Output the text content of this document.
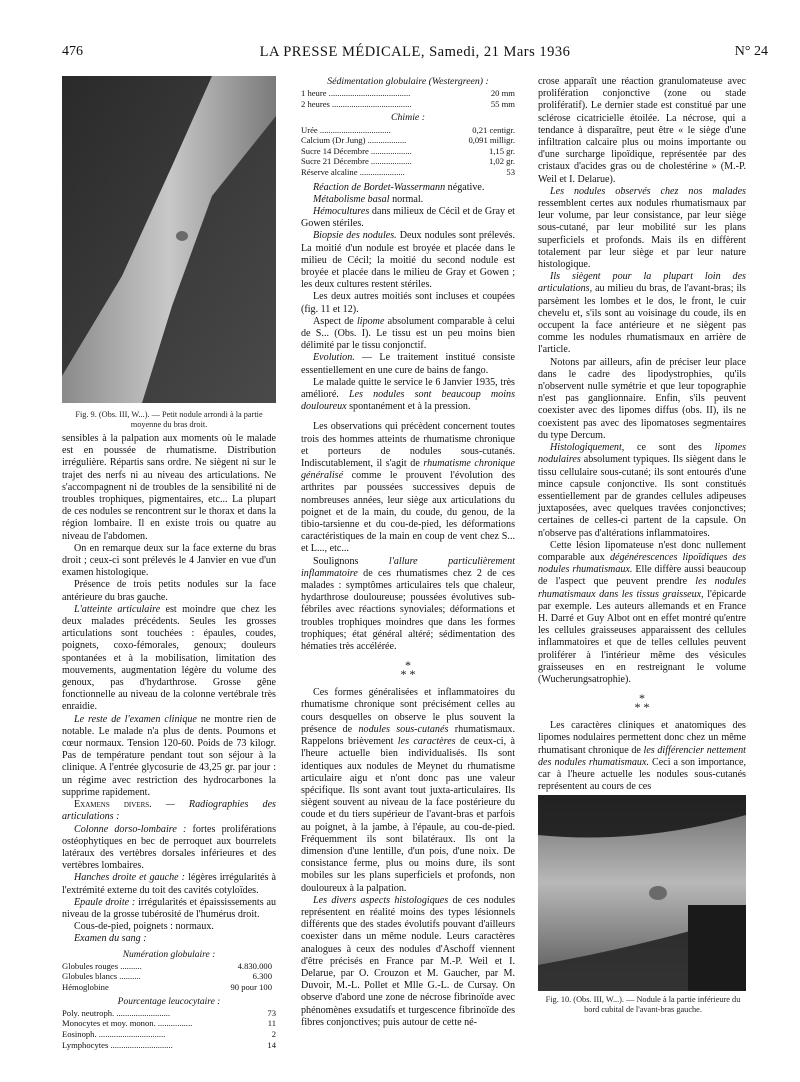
476	LA PRESSE MÉDICALE, Samedi, 21 Mars 1936	N° 24
Fig. 9. (Obs. III, W...). — Petit nodule arrondi à la partie moyenne du bras droit.

sensibles à la palpation aux moments où le malade est en poussée de rhumatisme. Distribution irrégulière. Répartis sans ordre. Ne siègent ni sur le trajet des nerfs ni au niveau des articulations. Ne s'accompagnent ni de troubles de la sensibilité ni de troubles trophiques, pigmentaires, etc... La plupart de ces nodules se rencontrent sur le thorax et dans la région lombaire. Il en existe trois ou quatre au niveau de l'abdomen.

On en remarque deux sur la face externe du bras droit ; ceux-ci sont prélevés le 4 Janvier en vue d'un examen histologique.

Présence de trois petits nodules sur la face antérieure du bras gauche.

L'atteinte articulaire est moindre que chez les deux malades précédents. Seules les grosses articulations sont touchées : épaules, coudes, poignets, coxo-fémorales, genoux; douleurs spontanées et à la mobilisation, limitation des mouvements, augmentation légère du volume des genoux, pas d'hydarthrose. Grosse gêne fonctionnelle au niveau de la colonne vertébrale très enraidie.

Le reste de l'examen clinique ne montre rien de notable. Le malade n'a plus de dents. Poumons et cœur normaux. Tension 120-60. Poids de 73 kilogr. Pas de température pendant tout son séjour à la clinique. A l'entrée glycosurie de 43,25 gr. par jour : un régime avec restriction des hydrocarbones la supprime rapidement.

Examens divers. — Radiographies des articulations :

Colonne dorso-lombaire : fortes proliférations ostéophytiques en bec de perroquet aux bourrelets latéraux des vertèbres dorsales inférieures et des vertèbres lombaires.

Hanches droite et gauche : légères irrégularités à l'extrémité externe du toit des cavités cotyloïdes.

Epaule droite : irrégularités et épaississements au niveau de la grosse tubérosité de l'humérus droit.

Cous-de-pied, poignets : normaux.

Examen du sang :

Numération globulaire :

Globules rouges ..........	4.830.000
Globules blancs ..........	6.300
Hémoglobine	90 pour 100

Pourcentage leucocytaire :

Poly. neutroph. .........................	73
Monocytes et moy. monon. ................	11
Eosinoph. ...............................	2
Lymphocytes .............................	14

Sédimentation globulaire (Westergreen) :

1 heure ......................................	20 mm
2 heures .....................................	55 mm

Chimie :

Urée .................................	0,21 centigr.
Calcium (Dr Jung) ..................	0,091 milligr.
Sucre 14 Décembre ...................	1,15 gr.
Sucre 21 Décembre ...................	1,02 gr.
Réserve alcaline .....................	53

Réaction de Bordet-Wassermann négative.

Métabolisme basal normal.

Hémocultures dans milieux de Cécil et de Gray et Gowen stériles.

Biopsie des nodules. Deux nodules sont prélevés. La moitié d'un nodule est broyée et placée dans le milieu de Cécil; la moitié du second nodule est broyée et placée dans le milieu de Gray et Gowen ; les deux cultures restent stériles.

Les deux autres moitiés sont incluses et coupées (fig. 11 et 12).

Aspect de lipome absolument comparable à celui de S... (Obs. I). Le tissu est un peu moins bien délimité par le tissu conjonctif.

Evolution. — Le traitement institué consiste essentiellement en une cure de bains de fango.

Le malade quitte le service le 6 Janvier 1935, très amélioré. Les nodules sont beaucoup moins douloureux spontanément et à la pression.

Les observations qui précèdent concernent toutes trois des hommes atteints de rhumatisme chronique et porteurs de nodules sous-cutanés. Indiscutablement, il s'agit de rhumatisme chronique généralisé comme le prouvent l'évolution des arthrites par poussées successives depuis de nombreuses années, leur siège aux articulations du poignet et de la main, du coude, du genou, de la tibio-tarsienne et du cou-de-pied, les déformations caractéristiques de la main en coup de vent chez S... et L..., etc...

Soulignons l'allure particulièrement inflammatoire de ces rhumatismes chez 2 de ces malades : symptômes articulaires tels que chaleur, hydarthrose douloureuse; poussées évolutives sub-fébriles avec réactions synoviales; déformations et troubles trophiques moindres que dans les formes trophiques; état général altéré; sédimentation des hématies très accélérée.

*
* *

Ces formes généralisées et inflammatoires du rhumatisme chronique sont précisément celles au cours desquelles on observe le plus souvent la présence de nodules sous-cutanés rhumatismaux. Rappelons brièvement les caractères de ceux-ci, à l'heure actuelle bien individualisés. Ils sont identiques aux nodules de Meynet du rhumatisme articulaire aigu et n'ont donc pas une valeur spécifique. Ils sont avant tout juxta-articulaires. Ils siègent souvent au niveau de la face postérieure du coude et du tiers supérieur de l'avant-bras et parfois au poignet, à la jambe, à l'épaule, au cou-de-pied. Fréquemment ils sont bilatéraux. Ils ont la dimension d'une lentille, d'un pois, d'une noix. De consistance ferme, plus ou moins dure, ils sont mobiles sur les plans superficiels et profonds, non douloureux à la palpation.

Les divers aspects histologiques de ces nodules représentent en réalité moins des types lésionnels différents que des stades évolutifs pouvant d'ailleurs coexister dans un même nodule. Leurs caractères analogues à ceux des nodules d'Aschoff viennent d'être précisés en France par M.-P. Weil et I. Delarue, par O. Crouzon et M. Gaucher, par M. Duvoir, M.-L. Pollet et Mlle G.-L. de Cursay. On observe d'abord une zone de nécrose fibrinoïde avec phénomènes exsudatifs et turgescence fibrinoïde des fibres conjonctives; puis autour de cette né-

crose apparaît une réaction granulomateuse avec prolifération conjonctive (zone ou stade prolifératif). Le dernier stade est constitué par une sclérose cicatricielle étoilée. La nécrose, qui a tendance à disparaître, peut être « le siège d'une infiltration calcaire plus ou moins importante ou d'une surcharge lipoïdique, représentée par des cristaux d'acides gras ou de cholestérine » (M.-P. Weil et I. Delarue).

Les nodules observés chez nos malades ressemblent certes aux nodules rhumatismaux par leur volume, par leur consistance, par leur siège sous-cutané, par leur mobilité sur les plans superficiels et profonds. Mais ils en diffèrent totalement par leur siège et par leur nature histologique.

Ils siègent pour la plupart loin des articulations, au milieu du bras, de l'avant-bras; ils parsèment les lombes et le dos, le front, le cuir chevelu et, s'ils sont au voisinage du coude, ils en occupent la face antérieure et ne siègent pas comme les nodules rhumatismaux en arrière de l'article.

Notons par ailleurs, afin de préciser leur place dans le cadre des lipodystrophies, qu'ils n'observent nulle symétrie et que leur topographie n'est pas ganglionnaire. Enfin, s'ils peuvent coexister avec des lipomes diffus (obs. II), ils ne coexistent pas avec des lipomatoses segmentaires du type Dercum.

Histologiquement, ce sont des lipomes nodulaires absolument typiques. Ils siègent dans le tissu cellulaire sous-cutané; ils sont entourés d'une mince capsule conjonctive. Ils sont constitués essentiellement par de grandes cellules adipeuses juxtaposées, avec quelques travées conjonctives; certaines de celles-ci partent de la capsule. On n'observe pas d'altérations inflammatoires.

Cette lésion lipomateuse n'est donc nullement comparable aux dégénérescences lipoïdiques des nodules rhumatismaux. Elle diffère aussi beaucoup de l'aspect que peuvent prendre les nodules rhumatismaux dans les tissus graisseux, l'épicarde par exemple. Les auteurs allemands et en France H. Darré et Guy Albot ont en effet montré qu'entre les cellules graisseuses apparaissent des cellules inflammatoires et que de telles cellules peuvent proliférer à l'intérieur même des vésicules graisseuses en en restreignant le volume (Wucherungsatrophie).

*
* *

Les caractères cliniques et anatomiques des lipomes nodulaires permettent donc chez un même rhumatisant chronique de les différencier nettement des nodules rhumatismaux. Ceci a son importance, car à l'heure actuelle les nodules sous-cutanés représentent au cours de ces

Fig. 10. (Obs. III, W...). — Nodule à la partie inférieure du bord cubital de l'avant-bras gauche.
